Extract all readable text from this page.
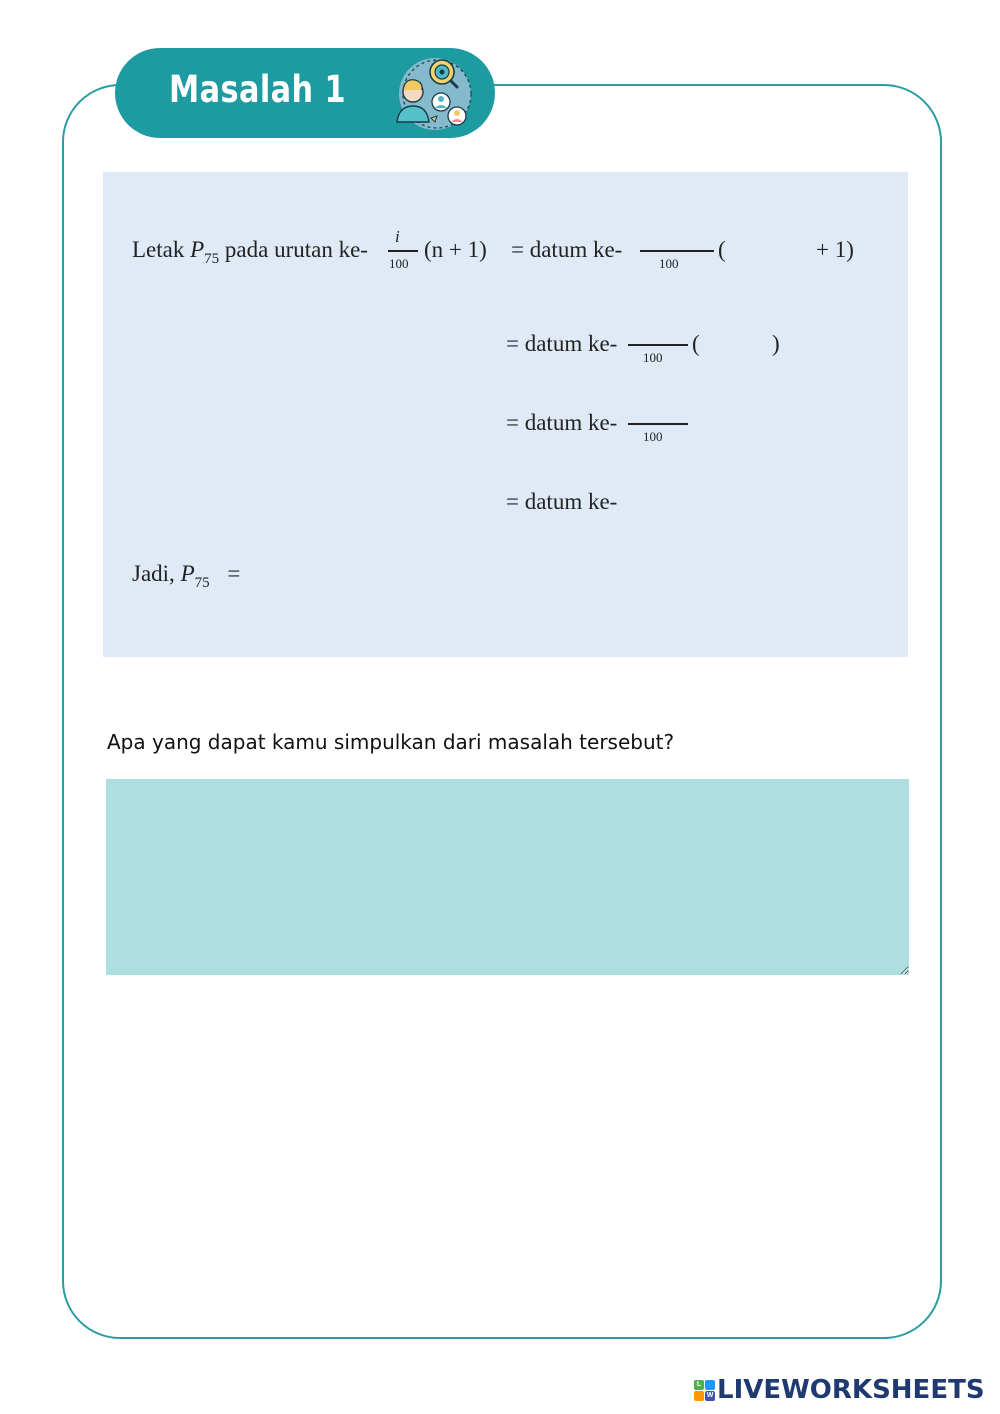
Masalah 1
Letak $P_{75}$ pada urutan ke-
i
100
(n + 1) = datum ke-
100
(	+ 1)
= datum ke-
100
(	)
= datum ke-
100
= datum ke-
Jadi, $P_{75}$ =
Apa yang dapat kamu simpulkan dari masalah tersebut?
L
W LIVEWORKSHEETS
